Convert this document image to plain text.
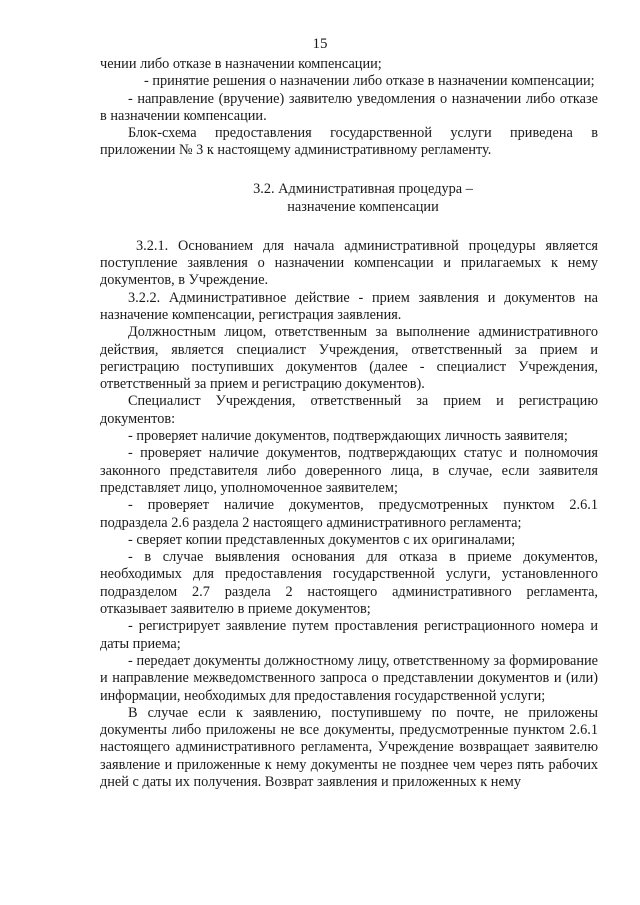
15

чении либо отказе в назначении компенсации;

- принятие решения о назначении либо отказе в назначении компенсации;

- направление (вручение) заявителю уведомления о назначении либо отказе в назначении компенсации.

Блок-схема предоставления государственной услуги приведена в приложении № 3 к настоящему административному регламенту.

3.2. Административная процедура –
назначение компенсации

3.2.1. Основанием для начала административной процедуры является поступление заявления о назначении компенсации и прилагаемых к нему документов, в Учреждение.

3.2.2. Административное действие - прием заявления и документов на назначение компенсации, регистрация заявления.

Должностным лицом, ответственным за выполнение административного действия, является специалист Учреждения, ответственный за прием и регистрацию поступивших документов (далее - специалист Учреждения, ответственный за прием и регистрацию документов).

Специалист Учреждения, ответственный за прием и регистрацию документов:

- проверяет наличие документов, подтверждающих личность заявителя;

- проверяет наличие документов, подтверждающих статус и полномочия законного представителя либо доверенного лица, в случае, если заявителя представляет лицо, уполномоченное заявителем;

- проверяет наличие документов, предусмотренных пунктом 2.6.1 подраздела 2.6 раздела 2 настоящего административного регламента;

- сверяет копии представленных документов с их оригиналами;

- в случае выявления основания для отказа в приеме документов, необходимых для предоставления государственной услуги, установленного подразделом 2.7 раздела 2 настоящего административного регламента, отказывает заявителю в приеме документов;

- регистрирует заявление путем проставления регистрационного номера и даты приема;

- передает документы должностному лицу, ответственному за формирование и направление межведомственного запроса о представлении документов и (или) информации, необходимых для предоставления государственной услуги;

В случае если к заявлению, поступившему по почте, не приложены документы либо приложены не все документы, предусмотренные пунктом 2.6.1 настоящего административного регламента, Учреждение возвращает заявителю заявление и приложенные к нему документы не позднее чем через пять рабочих дней с даты их получения. Возврат заявления и приложенных к нему
